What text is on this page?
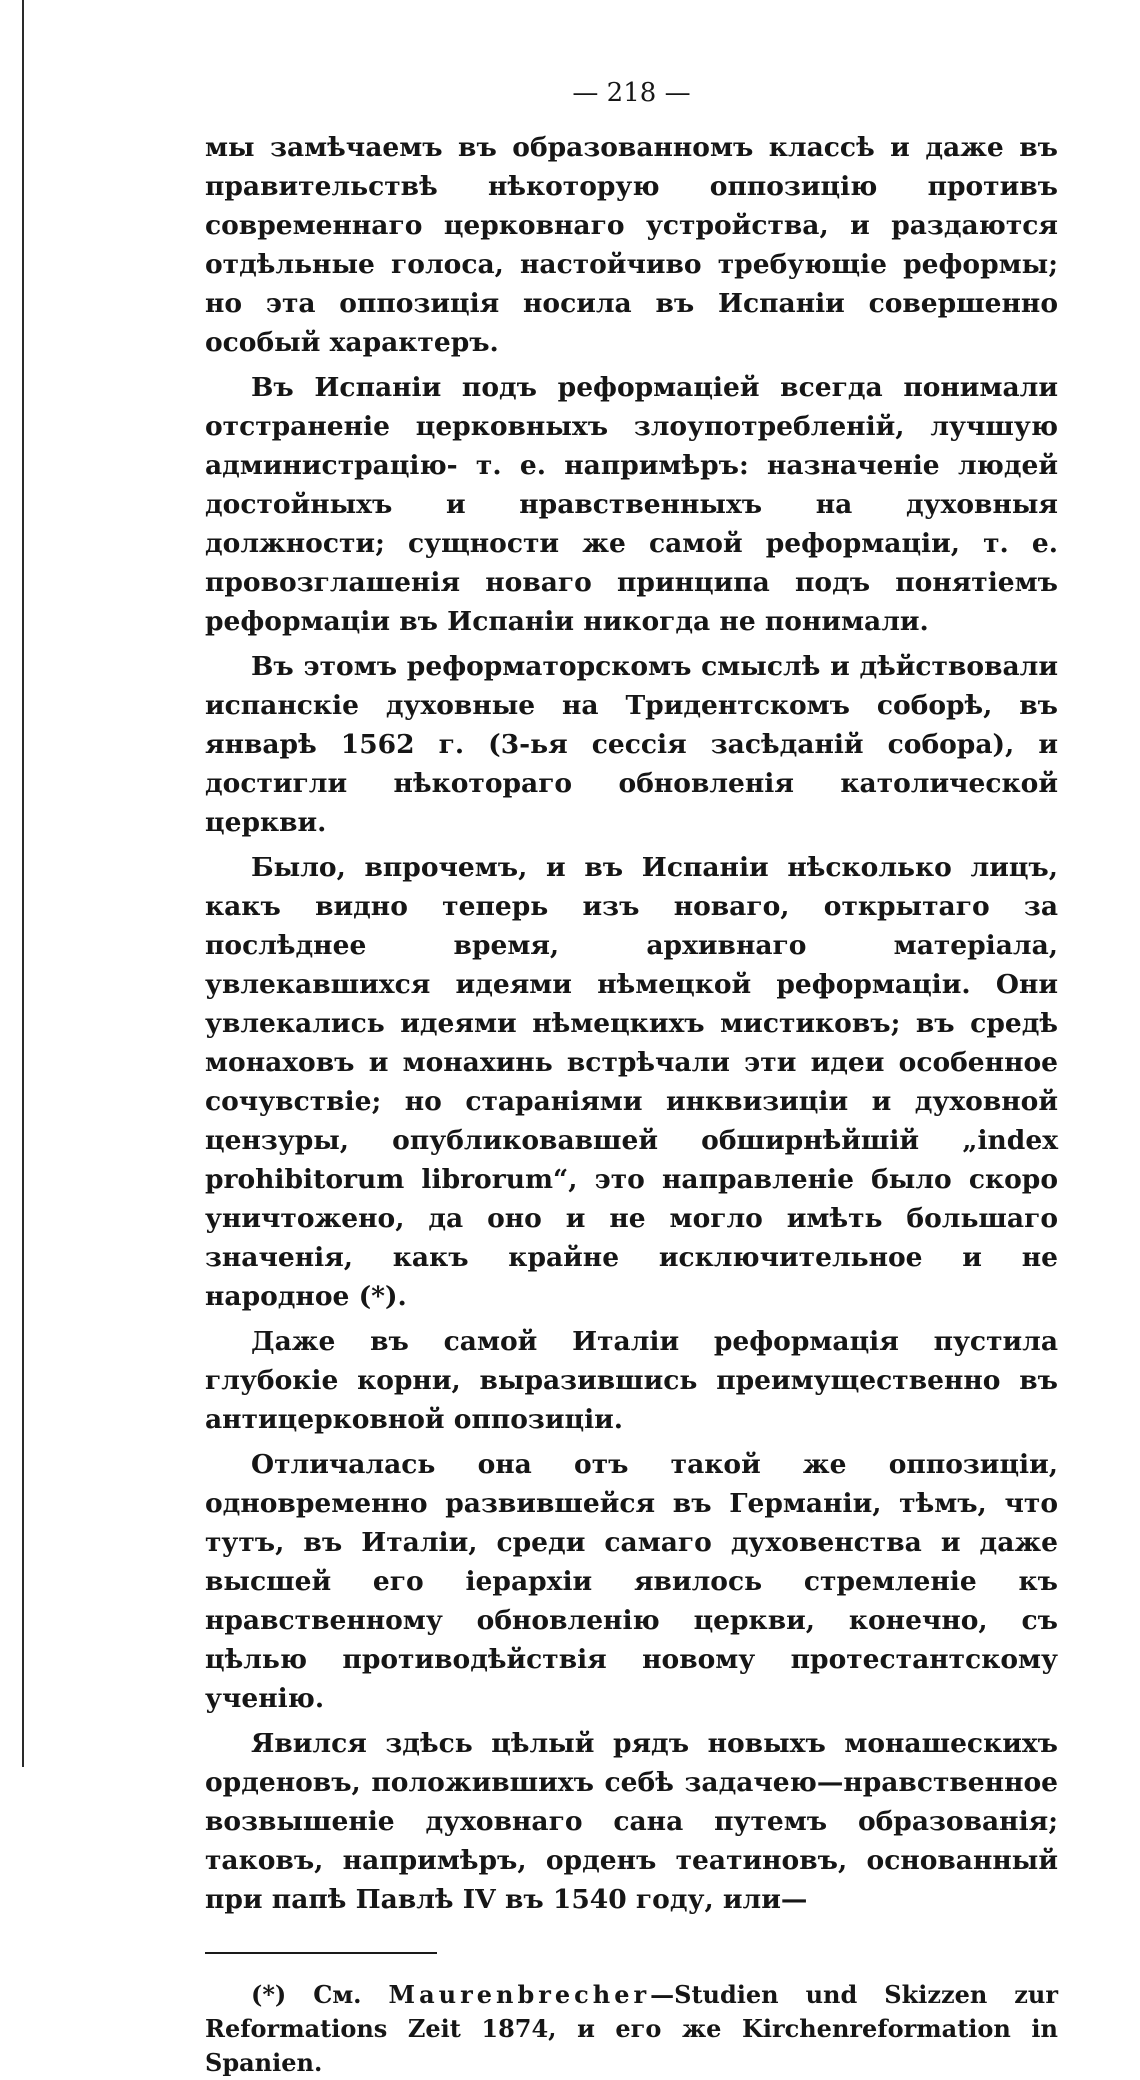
— 218 —

мы замѣчаемъ въ образованномъ классѣ и даже въ правительствѣ нѣкоторую оппозицію противъ современнаго церковнаго устройства, и раздаются отдѣльные голоса, настойчиво требующіе реформы; но эта оппозиція носила въ Испаніи совершенно особый характеръ.

Въ Испаніи подъ реформаціей всегда понимали отстраненіе церковныхъ злоупотребленій, лучшую администрацію- т. е. напримѣръ: назначеніе людей достойныхъ и нравственныхъ на духовныя должности; сущности же самой реформаціи, т. е. провозглашенія новаго принципа подъ понятіемъ реформаціи въ Испаніи никогда не понимали.

Въ этомъ реформаторскомъ смыслѣ и дѣйствовали испанскіе духовные на Тридентскомъ соборѣ, въ январѣ 1562 г. (3-ья сессія засѣданій собора), и достигли нѣкотораго обновленія католической церкви.

Было, впрочемъ, и въ Испаніи нѣсколько лицъ, какъ видно теперь изъ новаго, открытаго за послѣднее время, архивнаго матеріала, увлекавшихся идеями нѣмецкой реформаціи. Они увлекались идеями нѣмецкихъ мистиковъ; въ средѣ монаховъ и монахинь встрѣчали эти идеи особенное сочувствіе; но стараніями инквизиціи и духовной цензуры, опубликовавшей обширнѣйшій „index prohibitorum librorum“, это направленіе было скоро уничтожено, да оно и не могло имѣть большаго значенія, какъ крайне исключительное и не народное (*).

Даже въ самой Италіи реформація пустила глубокіе корни, выразившись преимущественно въ антицерковной оппозиціи.

Отличалась она отъ такой же оппозиціи, одновременно развившейся въ Германіи, тѣмъ, что тутъ, въ Италіи, среди самаго духовенства и даже высшей его іерархіи явилось стремленіе къ нравственному обновленію церкви, конечно, съ цѣлью противодѣйствія новому протестантскому ученію.

Явился здѣсь цѣлый рядъ новыхъ монашескихъ орденовъ, положившихъ себѣ задачею—нравственное возвышеніе духовнаго сана путемъ образованія; таковъ, напримѣръ, орденъ театиновъ, основанный при папѣ Павлѣ IV въ 1540 году, или—

(*) См. Maurenbrecher—Studien und Skizzen zur Reformations Zeit 1874, и его же Kirchenreformation in Spanien.
